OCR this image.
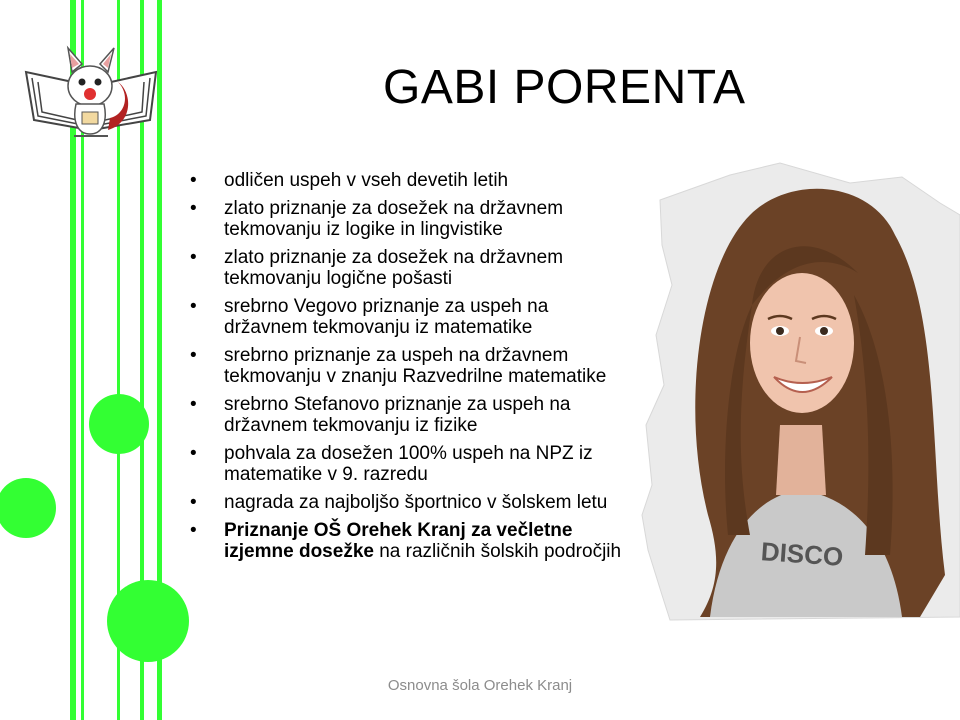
GABI PORENTA
• odličen uspeh v vseh devetih letih
• zlato priznanje za dosežek na državnem tekmovanju iz logike in lingvistike
• zlato priznanje za dosežek na državnem tekmovanju logične pošasti
• srebrno Vegovo priznanje za uspeh na državnem tekmovanju iz matematike
• srebrno priznanje za uspeh na državnem tekmovanju v znanju Razvedrilne matematike
• srebrno Stefanovo priznanje za uspeh na državnem tekmovanju iz fizike
• pohvala za dosežen 100% uspeh na NPZ iz matematike v 9. razredu
• nagrada za najboljšo športnico v šolskem letu
• Priznanje OŠ Orehek Kranj za večletne izjemne dosežke na različnih šolskih področjih	DISCO
Osnovna šola Orehek Kranj
